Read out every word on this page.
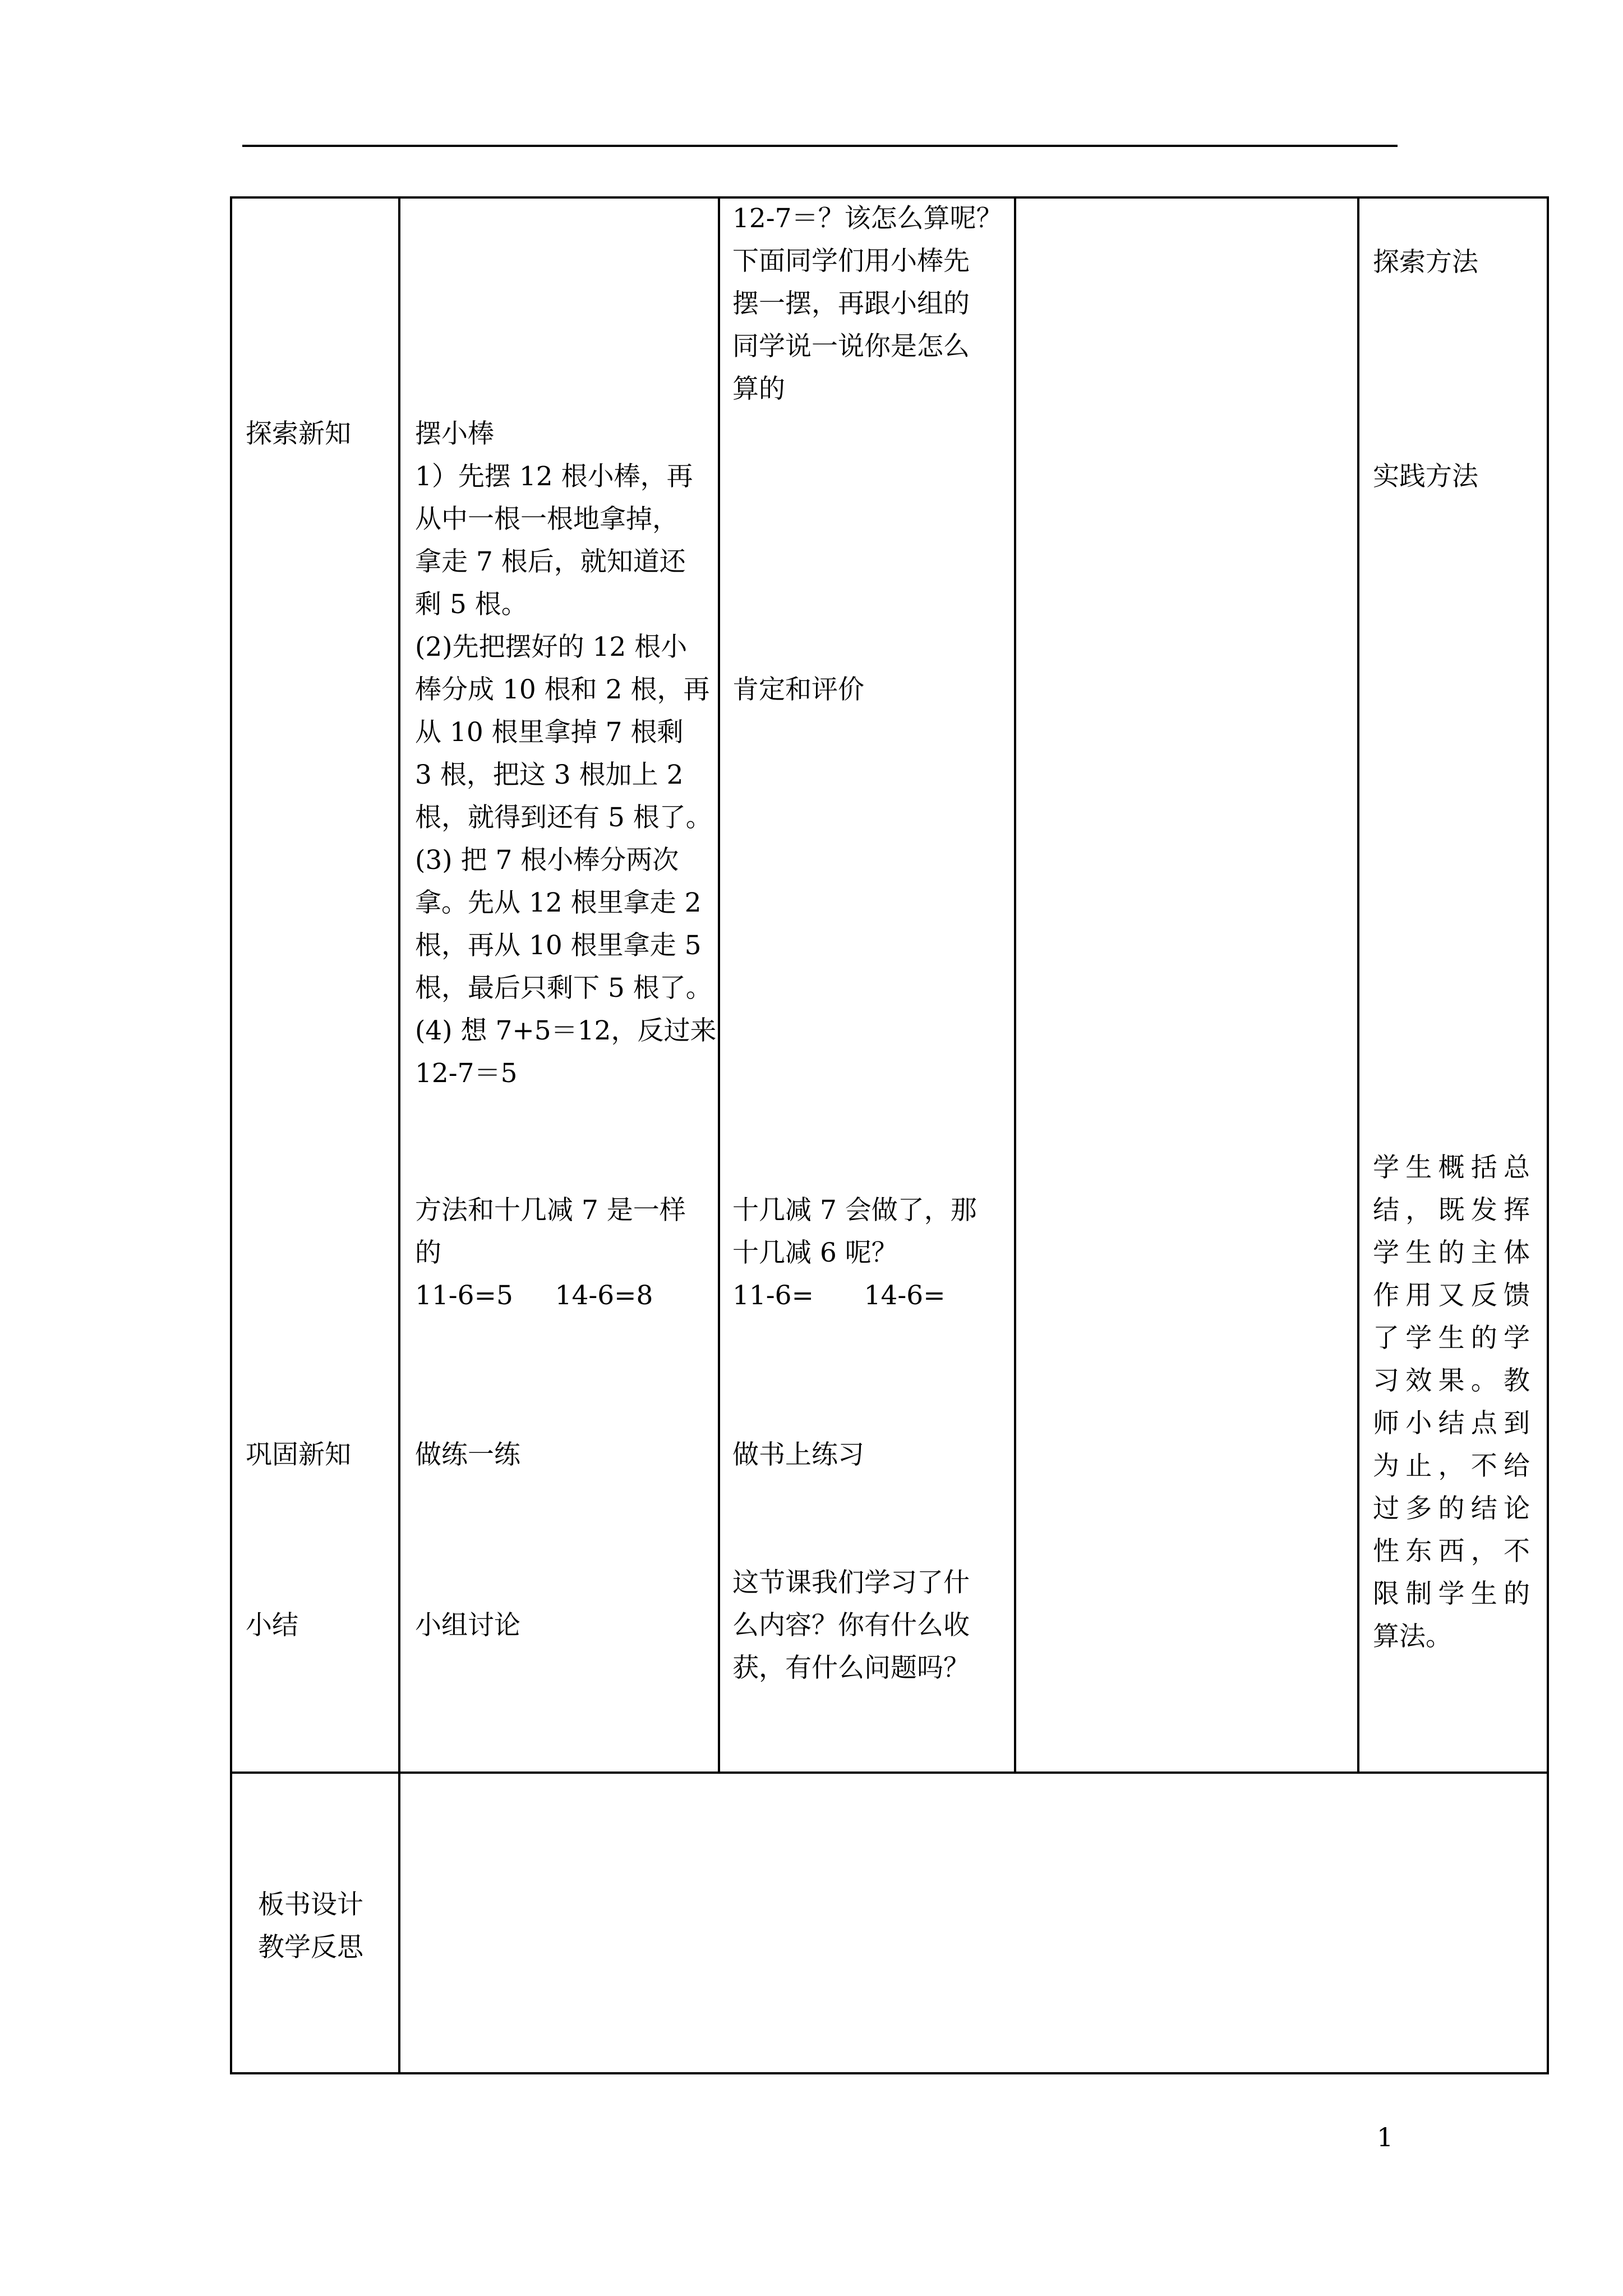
探索新知
巩固新知
小结
板书设计
教学反思
摆小棒
1）先摆 12 根小棒，再
从中一根一根地拿掉，
拿走 7 根后，就知道还
剩 5 根。
(2)先把摆好的 12 根小
棒分成 10 根和 2 根，再
从 10 根里拿掉 7 根剩
3 根，把这 3 根加上 2
根，就得到还有 5 根了。
(3) 把 7 根小棒分两次
拿。先从 12 根里拿走 2
根，再从 10 根里拿走 5
根，最后只剩下 5 根了。
(4) 想 7+5＝12，反过来
12-7＝5
方法和十几减 7 是一样
的
11-6=5     14-6=8
做练一练
小组讨论
12-7＝？该怎么算呢？
下面同学们用小棒先
摆一摆，再跟小组的
同学说一说你是怎么
算的
肯定和评价
十几减 7 会做了，那
十几减 6 呢？
11-6=      14-6=
做书上练习
这节课我们学习了什
么内容？你有什么收
获，有什么问题吗？
探索方法
实践方法
学生概括总结，既发挥学生的主体作用又反馈了学生的学习效果。教师小结点到为止，不给过多的结论性东西，不限制学生的算法。
1
